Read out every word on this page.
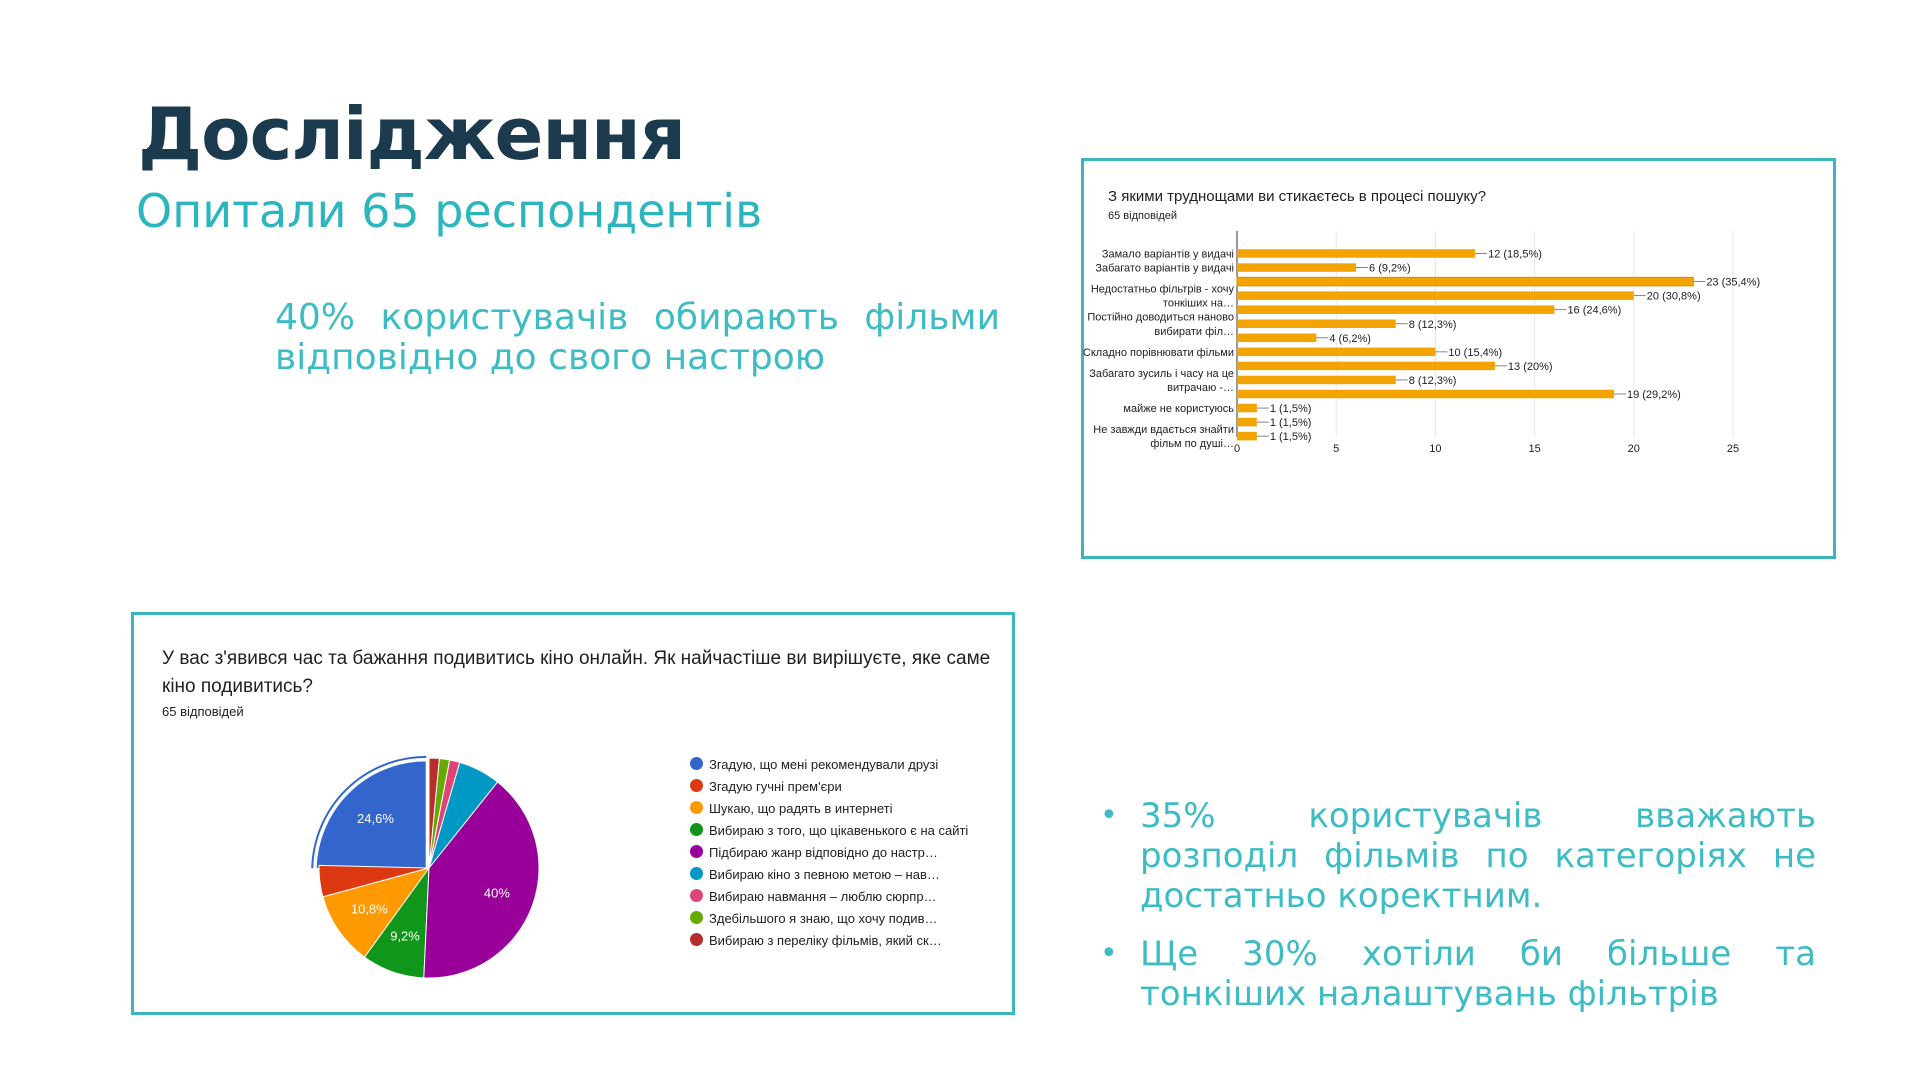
Дослідження
Опитали 65 респондентів
40% користувачів обирають фільми відповідно до свого настрою
З якими труднощами ви стикаєтесь в процесі пошуку?
65 відповідей
0	5	10	15	20	25
12 (18,5%)
6 (9,2%)
23 (35,4%)
20 (30,8%)
16 (24,6%)
8 (12,3%)
4 (6,2%)
10 (15,4%)
13 (20%)
8 (12,3%)
19 (29,2%)
1 (1,5%)
1 (1,5%)
1 (1,5%)
Замало варіантів у видачі
Забагато варіантів у видачі
Недостатньо фільтрів - хочу
тонкіших на…
Постійно доводиться наново
вибирати філ…
Складно порівнювати фільми
Забагато зусиль і часу на це
витрачаю -…
майже не користуюсь
Не завжди вдається знайти
фільм по душі…
У вас з'явився час та бажання подивитись кіно онлайн. Як найчастіше ви вирішуєте, яке саме кіно подивитись?
65 відповідей
24,6%
10,8%
9,2%
40%
Згадую, що мені рекомендували друзі
Згадую гучні прем'єри
Шукаю, що радять в интернеті
Вибираю з того, що цікавенького є на сайті
Підбираю жанр відповідно до настр…
Вибираю кіно з певною метою – нав…
Вибираю навмання – люблю сюрпр…
Здебільшого я знаю, що хочу подив…
Вибираю з переліку фільмів, який ск…
• 35% користувачів вважають розподіл фільмів по категоріях не достатньо коректним.
• Ще 30% хотіли би більше та тонкіших налаштувань фільтрів
